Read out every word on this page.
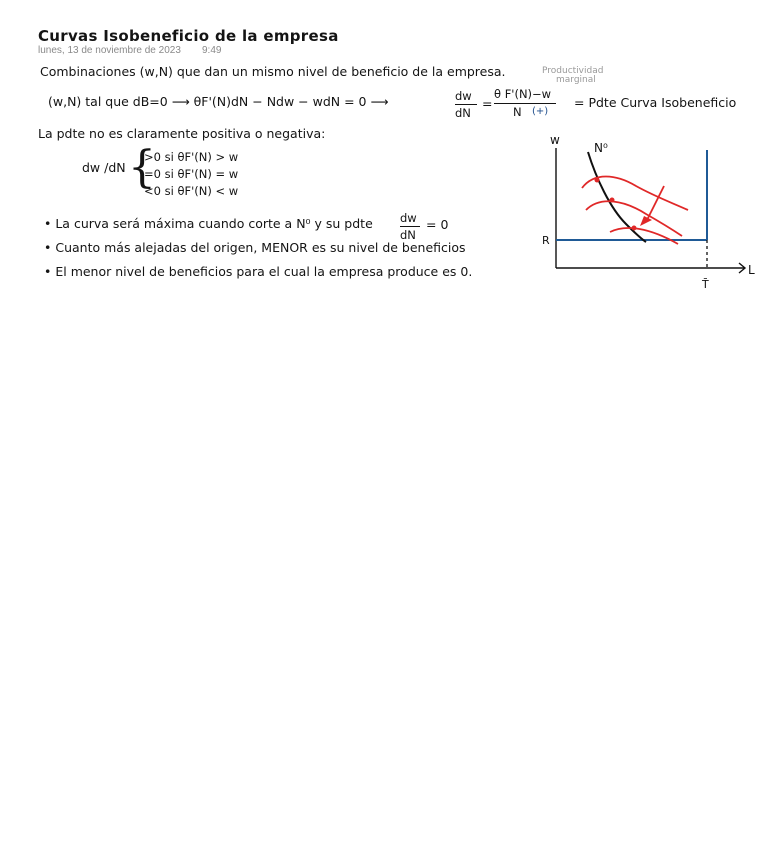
Curvas Isobeneficio de la empresa
lunes, 13 de noviembre de 2023 9:49
Combinaciones (w,N) que dan un mismo nivel de beneficio de la empresa.	Productividad
marginal
(w,N) tal que dB=0 ⟶ θF'(N)dN − Ndw − wdN = 0 ⟶	dw
dN
=
θ F'(N)−w
N (+)
= Pdte Curva Isobeneficio
La pdte no es claramente positiva o negativa:
dw /dN {
>0 si θF'(N) > w
=0 si θF'(N) = w
<0 si θF'(N) < w
• La curva será máxima cuando corte a N⁰ y su pdte dw
dN
= 0
• Cuanto más alejadas del origen, MENOR es su nivel de beneficios
• El menor nivel de beneficios para el cual la empresa produce es 0.
w
L
R
T̄
N⁰
